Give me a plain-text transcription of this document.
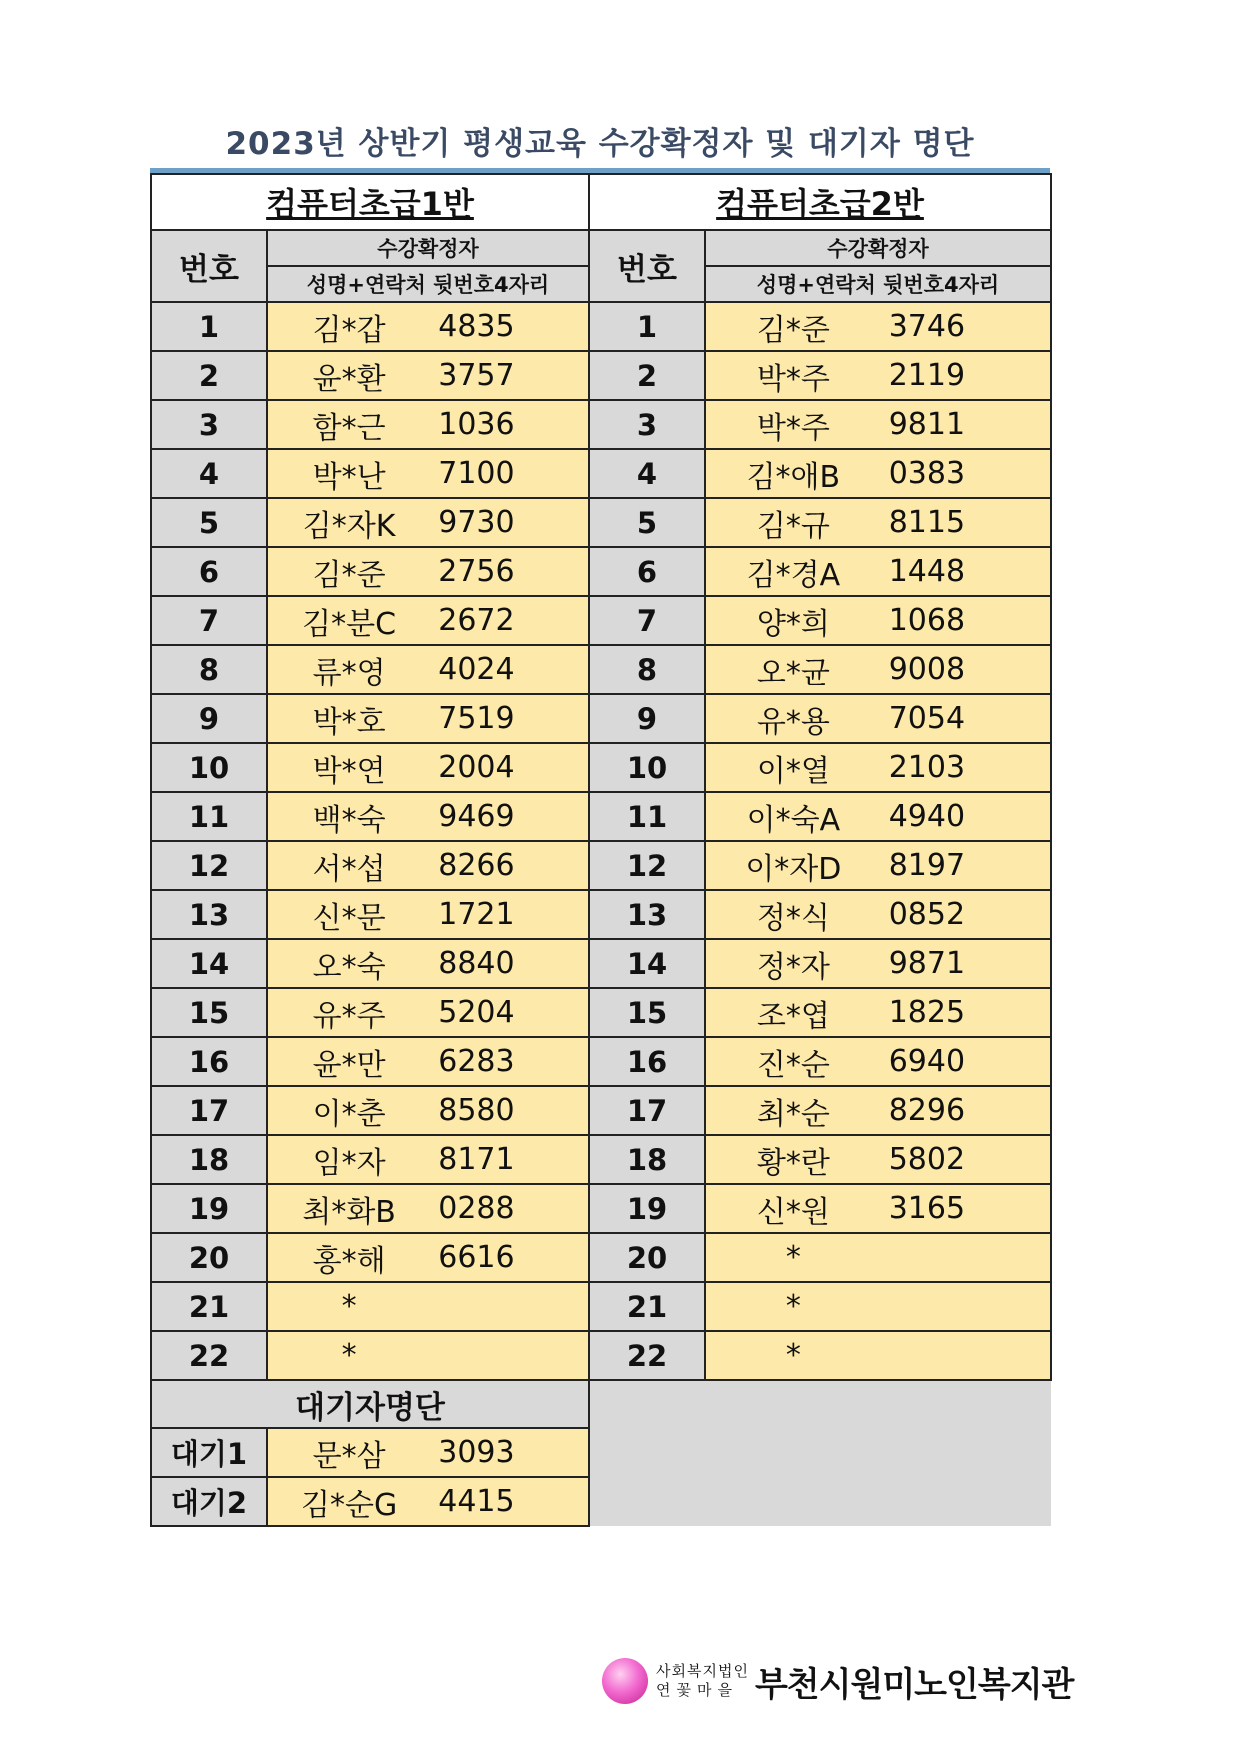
2023년 상반기 평생교육 수강확정자 및 대기자 명단
컴퓨터초급1반		컴퓨터초급2반	
번호	수강확정자	번호	수강확정자
	성명+연락처 뒷번호4자리		성명+연락처 뒷번호4자리
1	김*갑 4835	1	김*준 3746

2	윤*환 3757	2	박*주 2119

3	함*근 1036	3	박*주 9811

4	박*난 7100	4	김*애B 0383

5	김*자K 9730	5	김*규 8115

6	김*준 2756	6	김*경A 1448

7	김*분C 2672	7	양*희 1068

8	류*영 4024	8	오*균 9008

9	박*호 7519	9	유*용 7054

10	박*연 2004	10	이*열 2103

11	백*숙 9469	11	이*숙A 4940

12	서*섭 8266	12	이*자D 8197

13	신*문 1721	13	정*식 0852

14	오*숙 8840	14	정*자 9871

15	유*주 5204	15	조*엽 1825

16	윤*만 6283	16	진*순 6940

17	이*춘 8580	17	최*순 8296

18	임*자 8171	18	황*란 5802

19	최*화B 0288	19	신*원 3165

20	홍*해 6616	20	*

21	*	21	*

22	*	22	*

대기자명단			
대기1	문*삼 3093		

대기2	김*순G 4415		
사회복지법인
연꽃마을 부천시원미노인복지관
